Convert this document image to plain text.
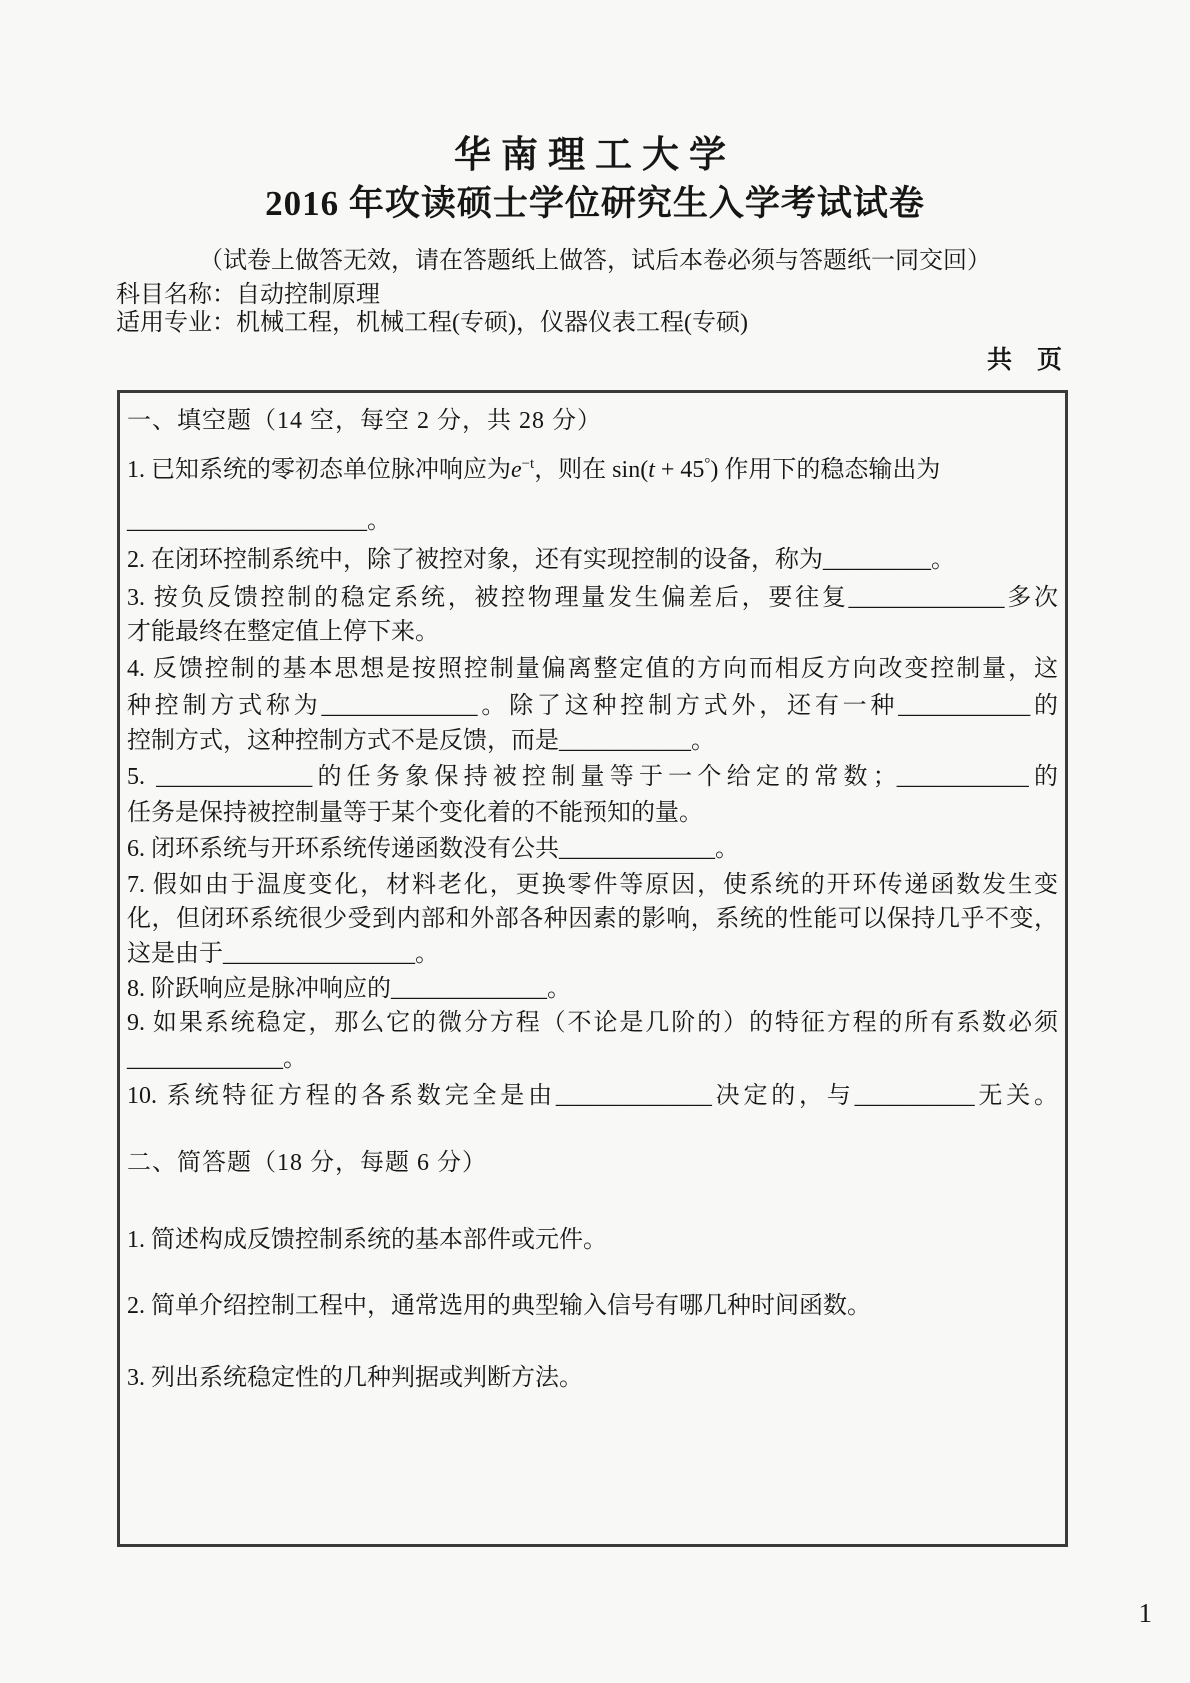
华南理工大学
2016 年攻读硕士学位研究生入学考试试卷
（试卷上做答无效，请在答题纸上做答，试后本卷必须与答题纸一同交回）
科目名称：自动控制原理
适用专业：机械工程，机械工程(专硕)，仪器仪表工程(专硕)
共　页
一、填空题（14 空，每空 2 分，共 28 分）
1. 已知系统的零初态单位脉冲响应为$e^{-t}$，则在 sin(t + 45°) 作用下的稳态输出为
____________________。
2. 在闭环控制系统中，除了被控对象，还有实现控制的设备，称为_________。
3. 按负反馈控制的稳定系统，被控物理量发生偏差后，要往复_____________多次
才能最终在整定值上停下来。
4. 反馈控制的基本思想是按照控制量偏离整定值的方向而相反方向改变控制量，这
种控制方式称为_____________。除了这种控制方式外，还有一种___________的
控制方式，这种控制方式不是反馈，而是___________。
5. _____________的任务象保持被控制量等于一个给定的常数；___________的
任务是保持被控制量等于某个变化着的不能预知的量。
6. 闭环系统与开环系统传递函数没有公共_____________。
7. 假如由于温度变化，材料老化，更换零件等原因，使系统的开环传递函数发生变
化，但闭环系统很少受到内部和外部各种因素的影响，系统的性能可以保持几乎不变，
这是由于________________。
8. 阶跃响应是脉冲响应的_____________。
9. 如果系统稳定，那么它的微分方程（不论是几阶的）的特征方程的所有系数必须
_____________。
10. 系统特征方程的各系数完全是由_____________决定的，与__________无关。
二、简答题（18 分，每题 6 分）
1. 简述构成反馈控制系统的基本部件或元件。
2. 简单介绍控制工程中，通常选用的典型输入信号有哪几种时间函数。
3. 列出系统稳定性的几种判据或判断方法。
1
